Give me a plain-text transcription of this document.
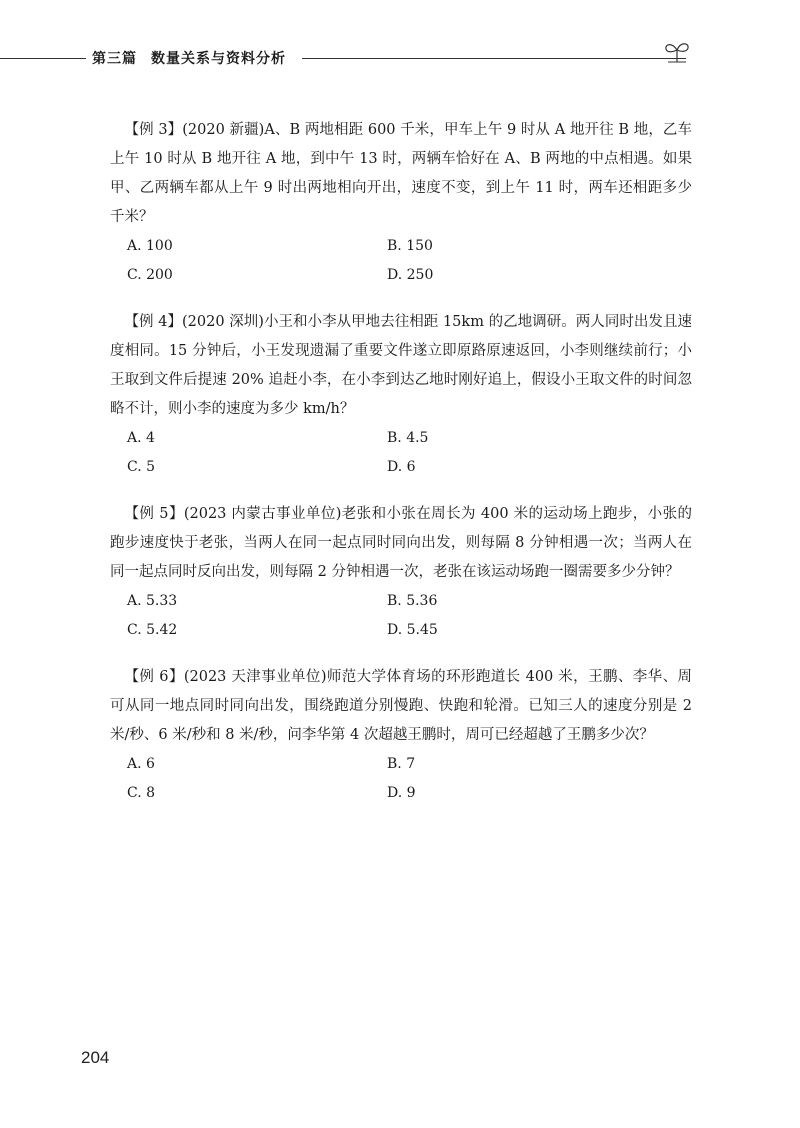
第三篇 数量关系与资料分析

【例 3】(2020 新疆)A、B 两地相距 600 千米，甲车上午 9 时从 A 地开往 B 地，乙车上午 10 时从 B 地开往 A 地，到中午 13 时，两辆车恰好在 A、B 两地的中点相遇。如果甲、乙两辆车都从上午 9 时出两地相向开出，速度不变，到上午 11 时，两车还相距多少千米？

A. 100	B. 150
C. 200	D. 250

【例 4】(2020 深圳)小王和小李从甲地去往相距 15km 的乙地调研。两人同时出发且速度相同。15 分钟后，小王发现遗漏了重要文件遂立即原路原速返回，小李则继续前行；小王取到文件后提速 20% 追赶小李，在小李到达乙地时刚好追上，假设小王取文件的时间忽略不计，则小李的速度为多少 km/h？

A. 4	B. 4.5
C. 5	D. 6

【例 5】(2023 内蒙古事业单位)老张和小张在周长为 400 米的运动场上跑步，小张的跑步速度快于老张，当两人在同一起点同时同向出发，则每隔 8 分钟相遇一次；当两人在同一起点同时反向出发，则每隔 2 分钟相遇一次，老张在该运动场跑一圈需要多少分钟？

A. 5.33	B. 5.36
C. 5.42	D. 5.45

【例 6】(2023 天津事业单位)师范大学体育场的环形跑道长 400 米，王鹏、李华、周可从同一地点同时同向出发，围绕跑道分别慢跑、快跑和轮滑。已知三人的速度分别是 2 米/秒、6 米/秒和 8 米/秒，问李华第 4 次超越王鹏时，周可已经超越了王鹏多少次？

A. 6	B. 7
C. 8	D. 9
204
